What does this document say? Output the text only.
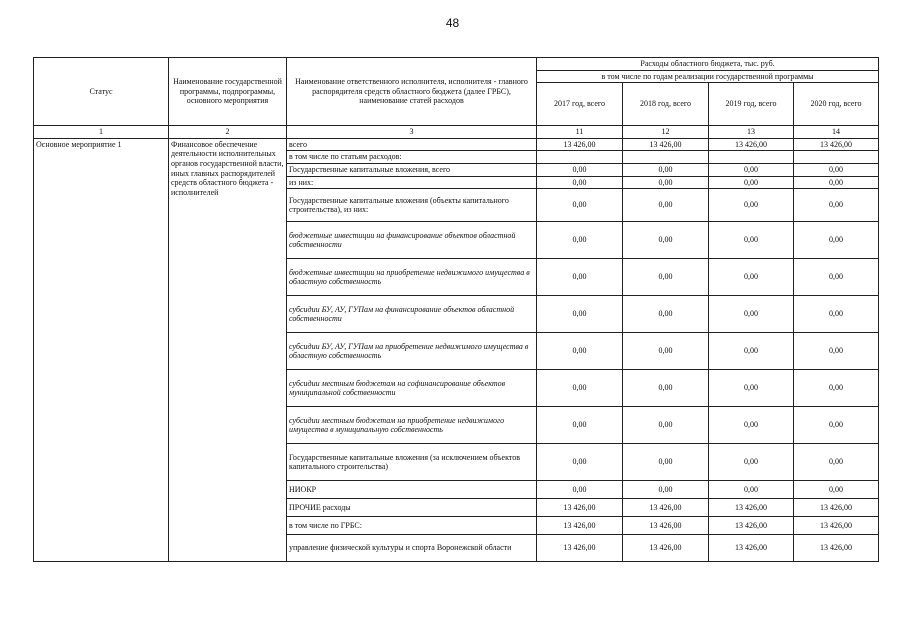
48
Статус	Наименование государственной программы, подпрограммы, основного мероприятия	Наименование ответственного исполнителя, исполнителя - главного распорядителя средств областного бюджета (далее ГРБС), наименование статей расходов	Расходы областного бюджета, тыс. руб.			
			в том числе по годам реализации государственной программы			
			2017 год, всего	2018 год, всего	2019 год, всего	2020 год, всего
1	2	3	11	12	13	14
Основное мероприятие 1	Финансовое обеспечение деятельности исполнительных органов государственной власти, иных главных распорядителей средств областного бюджета - исполнителей	всего	13 426,00	13 426,00	13 426,00	13 426,00
		в том числе по статьям расходов:				
		Государственные капитальные вложения, всего	0,00	0,00	0,00	0,00
		из них:	0,00	0,00	0,00	0,00
		Государственные капитальные вложения (объекты капитального строительства), из них:	0,00	0,00	0,00	0,00
		бюджетные инвестиции на финансирование объектов областной собственности	0,00	0,00	0,00	0,00
		бюджетные инвестиции на приобретение недвижимого имущества в областную собственность	0,00	0,00	0,00	0,00
		субсидии БУ, АУ, ГУПам на финансирование объектов областной собственности	0,00	0,00	0,00	0,00
		субсидии БУ, АУ, ГУПам на приобретение недвижимого имущества в областную собственность	0,00	0,00	0,00	0,00
		субсидии местным бюджетам на софинансирование объектов муниципальной собственности	0,00	0,00	0,00	0,00
		субсидии местным бюджетам на приобретение недвижимого имущества в муниципальную собственность	0,00	0,00	0,00	0,00
		Государственные капитальные вложения (за исключением объектов капитального строительства)	0,00	0,00	0,00	0,00
		НИОКР	0,00	0,00	0,00	0,00
		ПРОЧИЕ расходы	13 426,00	13 426,00	13 426,00	13 426,00
		в том числе по ГРБС:	13 426,00	13 426,00	13 426,00	13 426,00
		управление физической культуры и спорта Воронежской области	13 426,00	13 426,00	13 426,00	13 426,00
